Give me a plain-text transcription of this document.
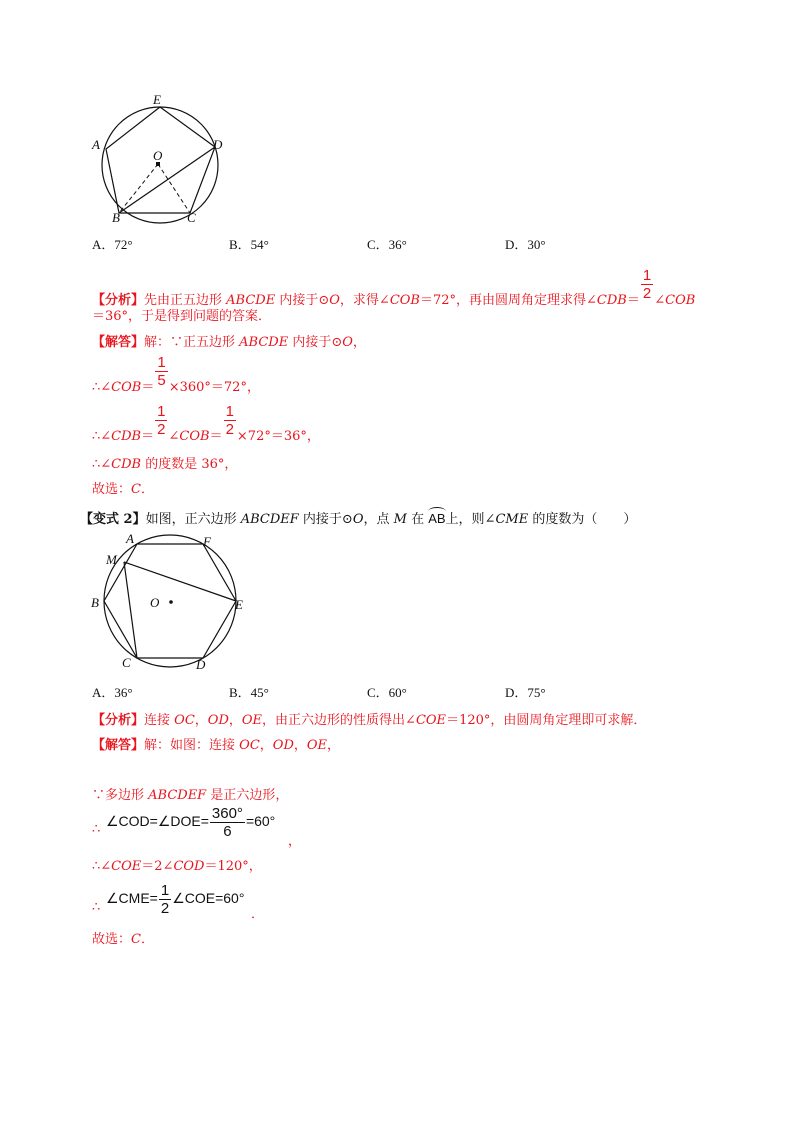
E
A	D
O
B	C
A．72°	B．54°	C．36°	D．30°
【分析】先由正五边形 ABCDE 内接于⊙O，求得∠COB＝72°，再由圆周角定理求得∠CDB＝ $\frac{1}{2}$ ∠COB
＝36°，于是得到问题的答案．
【解答】解：∵正五边形 ABCDE 内接于⊙O，
∴∠COB＝ $\frac{1}{5} \times 360^\circ=72^\circ$，
∴∠CDB＝ $\frac{1}{2}$ ∠COB＝ $\frac{1}{2} \times 72^\circ=36^\circ$，
∴∠CDB 的度数是 36°，
故选：C．
【变式 2】如图，正六边形 ABCDEF 内接于⊙O，点 M 在 AB上，则∠CME 的度数为（　　）
A	F
M
B	O	E
C	D
A．36°	B．45°	C．60°	D．75°
【分析】连接 OC，OD，OE，由正六边形的性质得出∠COE＝120°，由圆周角定理即可求解．
【解答】解：如图：连接 OC，OD，OE，
∵多边形 ABCDEF 是正六边形，
∴
∠COD=∠DOE= $\frac{360^\circ}{6} =60^\circ$
，
∴∠COE＝2∠COD＝120°，
∴
∠CME= $\frac{1}{2}$ ∠COE=60°
．
故选：C．
